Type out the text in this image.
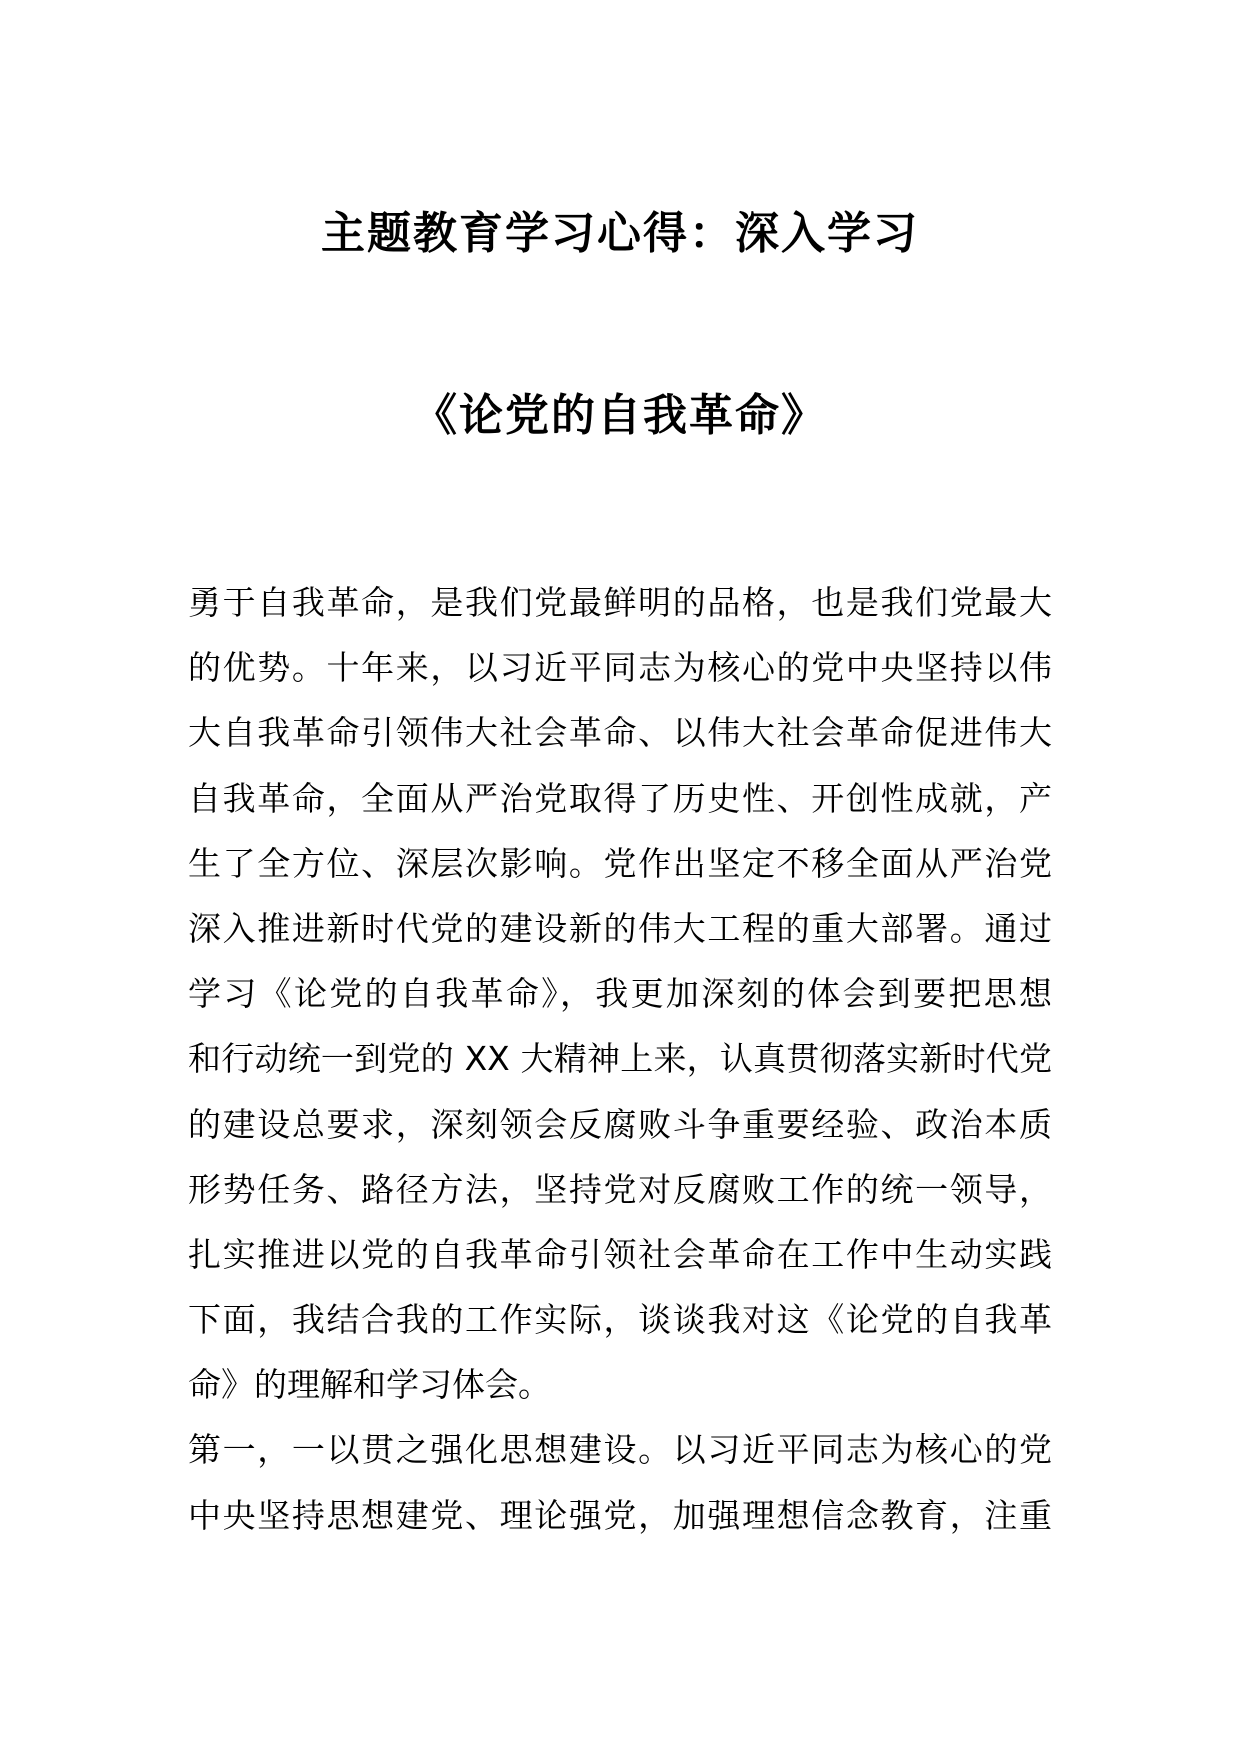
主题教育学习心得：深入学习
《论党的自我革命》
勇于自我革命，是我们党最鲜明的品格，也是我们党最大
的优势。十年来，以习近平同志为核心的党中央坚持以伟
大自我革命引领伟大社会革命、以伟大社会革命促进伟大
自我革命，全面从严治党取得了历史性、开创性成就，产
生了全方位、深层次影响。党作出坚定不移全面从严治党
深入推进新时代党的建设新的伟大工程的重大部署。通过
学习《论党的自我革命》，我更加深刻的体会到要把思想
和行动统一到党的 XX 大精神上来，认真贯彻落实新时代党
的建设总要求，深刻领会反腐败斗争重要经验、政治本质
形势任务、路径方法，坚持党对反腐败工作的统一领导，
扎实推进以党的自我革命引领社会革命在工作中生动实践
下面，我结合我的工作实际，谈谈我对这《论党的自我革
命》的理解和学习体会。
第一，一以贯之强化思想建设。以习近平同志为核心的党
中央坚持思想建党、理论强党，加强理想信念教育，注重
